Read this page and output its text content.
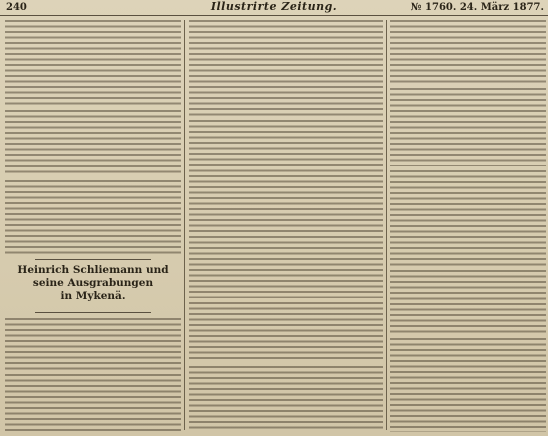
240	Illustrirte Zeitung.	№ 1760. 24. März 1877.
Heinrich Schliemann und seine Ausgrabungen
in Mykenä.
